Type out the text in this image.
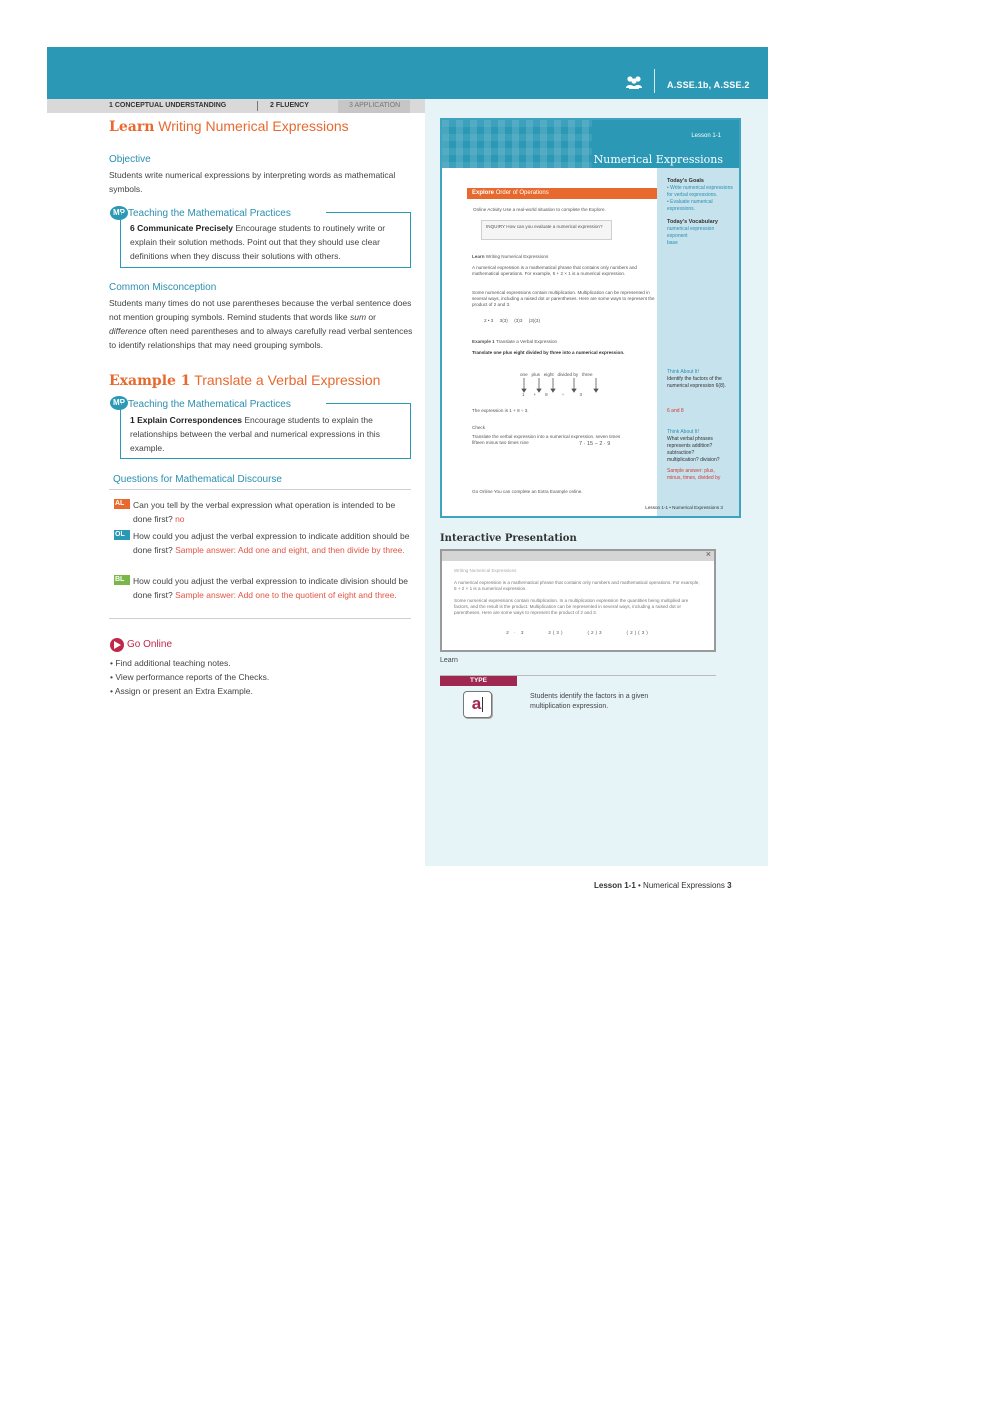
A.SSE.1b, A.SSE.2
1 CONCEPTUAL UNDERSTANDING	2 FLUENCY	3 APPLICATION
Learn Writing Numerical Expressions
Objective
Students write numerical expressions by interpreting words as mathematical symbols.
MP Teaching the Mathematical Practices
6 Communicate Precisely Encourage students to routinely write or explain their solution methods. Point out that they should use clear definitions when they discuss their solutions with others.
Common Misconception
Students many times do not use parentheses because the verbal sentence does not mention grouping symbols. Remind students that words like sum or difference often need parentheses and to always carefully read verbal sentences to identify relationships that may need grouping symbols.
Example 1 Translate a Verbal Expression
MP Teaching the Mathematical Practices
1 Explain Correspondences Encourage students to explain the relationships between the verbal and numerical expressions in this example.
Questions for Mathematical Discourse
AL	Can you tell by the verbal expression what operation is intended to be done first? no
OL How could you adjust the verbal expression to indicate addition should be done first? Sample answer: Add one and eight, and then divide by three.
BL	How could you adjust the verbal expression to indicate division should be done first? Sample answer: Add one to the quotient of eight and three.
Go Online
• Find additional teaching notes.
• View performance reports of the Checks.
• Assign or present an Extra Example.
Lesson 1-1
Numerical Expressions
Today's Goals
• Write numerical expressions for verbal expressions.
• Evaluate numerical expressions.
Today's Vocabulary
numerical expression
exponent
base
Think About It!
Identify the factors of the numerical expression 6(8).
6 and 8
Think About It!
What verbal phrases represents addition? subtraction? multiplication? division?
Sample answer: plus, minus, times, divided by
Explore Order of Operations
Online Activity Use a real-world situation to complete the Explore.
INQUIRY How can you evaluate a numerical expression?
Learn Writing Numerical Expressions
A numerical expression is a mathematical phrase that contains only numbers and mathematical operations. For example, 5 + 2 × 1 is a numerical expression.
Some numerical expressions contain multiplication. Multiplication can be represented in several ways, including a raised dot or parentheses. Here are some ways to represent the product of 2 and 3.
2 • 3     3(3)     (3)3     (3)(3)
Example 1 Translate a Verbal Expression
Translate one plus eight divided by three into a numerical expression.
one   plus   eight   divided by   three
1       +       8           ÷            3
The expression is 1 + 8 ÷ 3.
Check
Translate the verbal expression into a numerical expression. seven times fifteen minus two times nine	7 · 15 − 2 · 9
Go Online You can complete an Extra Example online.
Lesson 1-1 • Numerical Expressions 3
Interactive Presentation
×
Writing Numerical Expressions
A numerical expression is a mathematical phrase that contains only numbers and mathematical operations. For example, 5 + 2 × 1 is a numerical expression.
Some numerical expressions contain multiplication. In a multiplication expression the quantities being multiplied are factors, and the result is the product. Multiplication can be represented in several ways, including a raised dot or parentheses. Here are some ways to represent the product of 2 and 3.
2 · 3       2(3)       (2)3       (2)(3)
Learn
TYPE
a	Students identify the factors in a given multiplication expression.
Lesson 1-1 • Numerical Expressions 3
